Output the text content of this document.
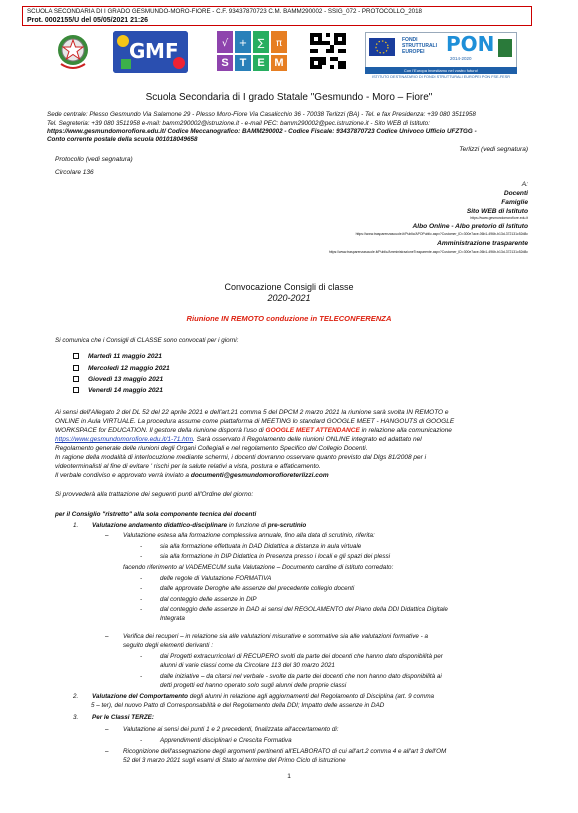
SCUOLA SECONDARIA DI I GRADO GESMUNDO-MORO-FIORE - C.F. 93437870723 C.M. BAMM290002 - SSIG_072 - PROTOCOLLO_2018
Prot. 0002155/U del 05/05/2021 21:26
G M F	√ + ∑ π
S T E M
FONDI STRUTTURALI EUROPEI	PON
2014-2020
Con l'Europa investiamo nel vostro futuro!
ISTITUTO DESTINATARIO DI FONDI STRUTTURALI EUROPEI PON FSE-FESR
Scuola Secondaria di I grado Statale "Gesmundo - Moro – Fiore"
Sede centrale: Plesso Gesmundo Via Salamone 29 - Plesso Moro-Fiore Via Casalicchio 36 - 70038 Terlizzi (BA) - Tel. e fax Presidenza: +39 080 3511958
Tel. Segreteria: +39 080 3511958 e-mail: bamm290002@istruzione.it - e-mail PEC: bamm290002@pec.istruzione.it - Sito WEB di Istituto:
https://www.gesmundomorofiore.edu.it/ Codice Meccanografico: BAMM290002 - Codice Fiscale: 93437870723 Codice Univoco Ufficio UFZTGG -
Conto corrente postale della scuola 001018049658
Terlizzi (vedi segnatura)
Protocollo (vedi segnatura)
Circolare 136
A:
Docenti
Famiglie
Sito WEB di Istituto
https://www.gesmundomorofiore.edu.it
Albo Online - Albo pretorio di Istituto
https://www.trasparenzascuole.it/Public/APOPublic.aspx?Customer_ID=300e7ace-06b1-496b-b13d-372131c52d8c
Amministrazione trasparente
https://www.trasparenzascuole.it/Public/AmministrazioneTrasparente.aspx?Customer_ID=300e7ace-06b1-496b-b13d-372131c52d8c
Convocazione Consigli di classe
2020-2021
Riunione IN REMOTO conduzione in TELECONFERENZA
Si comunica che i Consigli di CLASSE sono convocati per i giorni:
Martedì 11 maggio 2021
Mercoledì 12 maggio 2021
Giovedì 13 maggio 2021
Venerdì 14 maggio 2021
Ai sensi dell'Allegato 2 del DL 52 del 22 aprile 2021 e dell'art.21 comma 5 del DPCM 2 marzo 2021 la riunione sarà svolta IN REMOTO e
ONLINE in Aula VIRTUALE. La procedura assume come piattaforma di MEETING lo standard GOOGLE MEET - HANGOUTS di GOOGLE
WORKSPACE for EDUCATION. Il gestore della riunione disporrà l'uso di GOOGLE MEET ATTENDANCE in relazione alla comunicazione
https://www.gesmundomorofiore.edu.it/1-71.htm. Sarà osservato il Regolamento delle riunioni ONLINE integrato ed adattato nel
Regolamento generale delle riunioni degli Organi Collegiali e nel regolamento Specifico del Collegio Docenti.
In ragione della modalità di interlocuzione mediante schermi, i docenti dovranno osservare quanto previsto dal Dlgs 81/2008 per i
videoterminalisti al fine di evitare ' rischi per la salute relativi a vista, postura e affaticamento.
Il verbale condiviso e approvato verrà inviato a documenti@gesmundomorofioreterlizzi.com
Si provvederà alla trattazione dei seguenti punti all'Ordine del giorno:
per il Consiglio "ristretto" alla sola componente tecnica dei docenti
1. Valutazione andamento didattico-disciplinare in funzione di pre-scrutinio
– Valutazione estesa alla formazione complessiva annuale, fino alla data di scrutinio, riferita:
-	sia alla formazione effettuata in DAD Didattica a distanza in aula virtuale
-	sia alla formazione in DIP Didattica in Presenza presso i locali e gli spazi dei plessi
facendo riferimento al VADEMECUM sulla Valutazione – Documento cardine di istituto corredato:
-	delle regole di Valutazione FORMATIVA
-	dalle approvate Deroghe alle assenze del precedente collegio docenti
-	dal conteggio delle assenze in DIP
-	dal conteggio delle assenze in DAD ai sensi del REGOLAMENTO del Piano della DDI Didattica Digitale
Integrata
– Verifica dei recuperi – in relazione sia alle valutazioni misurative e sommative sia alle valutazioni formative - a
seguito degli elementi derivanti :
-	dai Progetti extracurricolari di RECUPERO svolti da parte dei docenti che hanno dato disponibilità per
alunni di varie classi come da Circolare 113 del 30 marzo 2021
-	dalle iniziative – da citarsi nel verbale - svolte da parte dei docenti che non hanno dato disponibilità ai
detti progetti ed hanno operato solo sugli alunni delle proprie classi
2. Valutazione del Comportamento degli alunni in relazione agli aggiornamenti del Regolamento di Disciplina (art. 9 comma
5 – ter), del nuovo Patto di Corresponsabilità e del Regolamento della DDI; Impatto delle assenze in DAD
3. Per le Classi TERZE:
– Valutazione ai sensi dei punti 1 e 2 precedenti, finalizzata all'accertamento di:
-	Apprendimenti disciplinari e Crescita Formativa
– Ricognizione dell'assegnazione degli argomenti pertinenti all'ELABORATO di cui all'art.2 comma 4 e all'art 3 dell'OM
52 del 3 marzo 2021 sugli esami di Stato al termine del Primo Ciclo di istruzione
1
